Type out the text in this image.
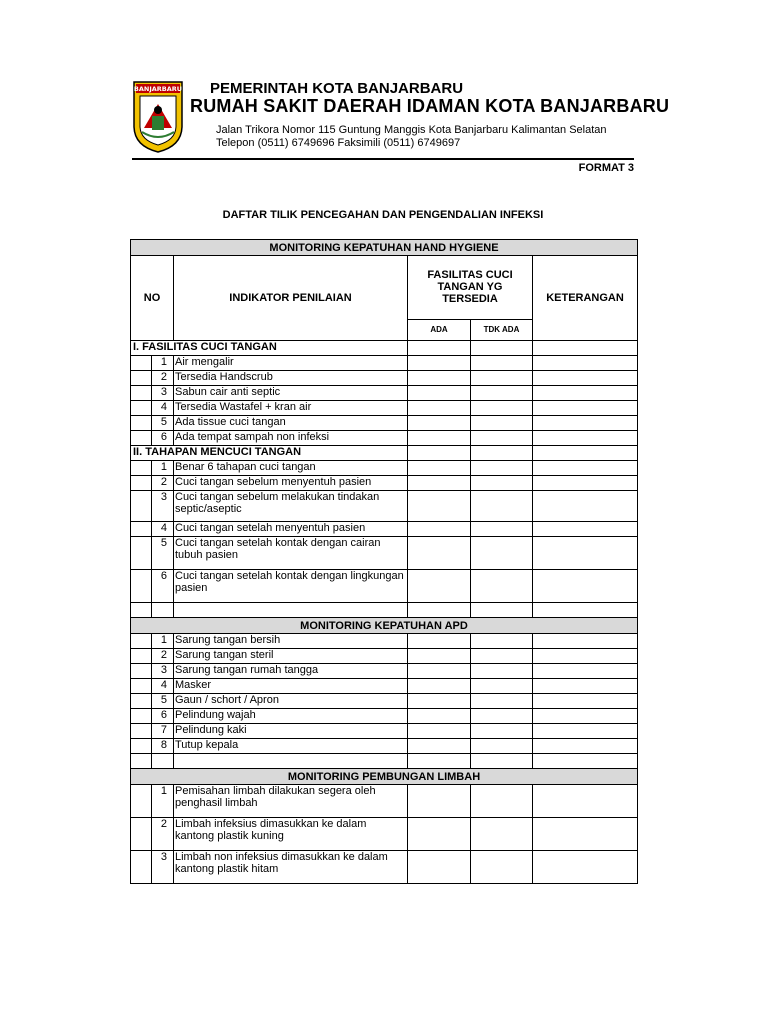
BANJARBARU PEMERINTAH KOTA BANJARBARU
RUMAH SAKIT DAERAH IDAMAN KOTA BANJARBARU
Jalan Trikora Nomor 115 Guntung Manggis Kota Banjarbaru Kalimantan Selatan
Telepon (0511) 6749696 Faksimili (0511) 6749697
FORMAT 3
DAFTAR TILIK PENCEGAHAN DAN PENGENDALIAN INFEKSI
MONITORING KEPATUHAN HAND HYGIENE					
NO		INDIKATOR PENILAIAN	FASILITAS CUCI TANGAN YG TERSEDIA		KETERANGAN
			ADA	TDK ADA	
I. FASILITAS CUCI TANGAN					
	1	Air mengalir			
	2	Tersedia Handscrub			
	3	Sabun cair anti septic			
	4	Tersedia Wastafel + kran air			
	5	Ada tissue cuci tangan			
	6	Ada tempat sampah non infeksi			
II. TAHAPAN MENCUCI TANGAN					
	1	Benar 6 tahapan cuci tangan			
	2	Cuci tangan sebelum menyentuh pasien			
	3	Cuci tangan sebelum melakukan tindakan septic/aseptic			
	4	Cuci tangan setelah menyentuh pasien			
	5	Cuci tangan setelah kontak dengan cairan tubuh pasien			
	6	Cuci tangan setelah kontak dengan lingkungan pasien			

MONITORING KEPATUHAN APD					
	1	Sarung tangan bersih			
	2	Sarung tangan steril			
	3	Sarung tangan rumah tangga			
	4	Masker			
	5	Gaun / schort / Apron			
	6	Pelindung wajah			
	7	Pelindung kaki			
	8	Tutup kepala			

MONITORING PEMBUNGAN LIMBAH					
	1	Pemisahan limbah dilakukan segera oleh penghasil limbah			
	2	Limbah infeksius dimasukkan ke dalam kantong plastik kuning			
	3	Limbah non infeksius dimasukkan ke dalam kantong plastik hitam			
